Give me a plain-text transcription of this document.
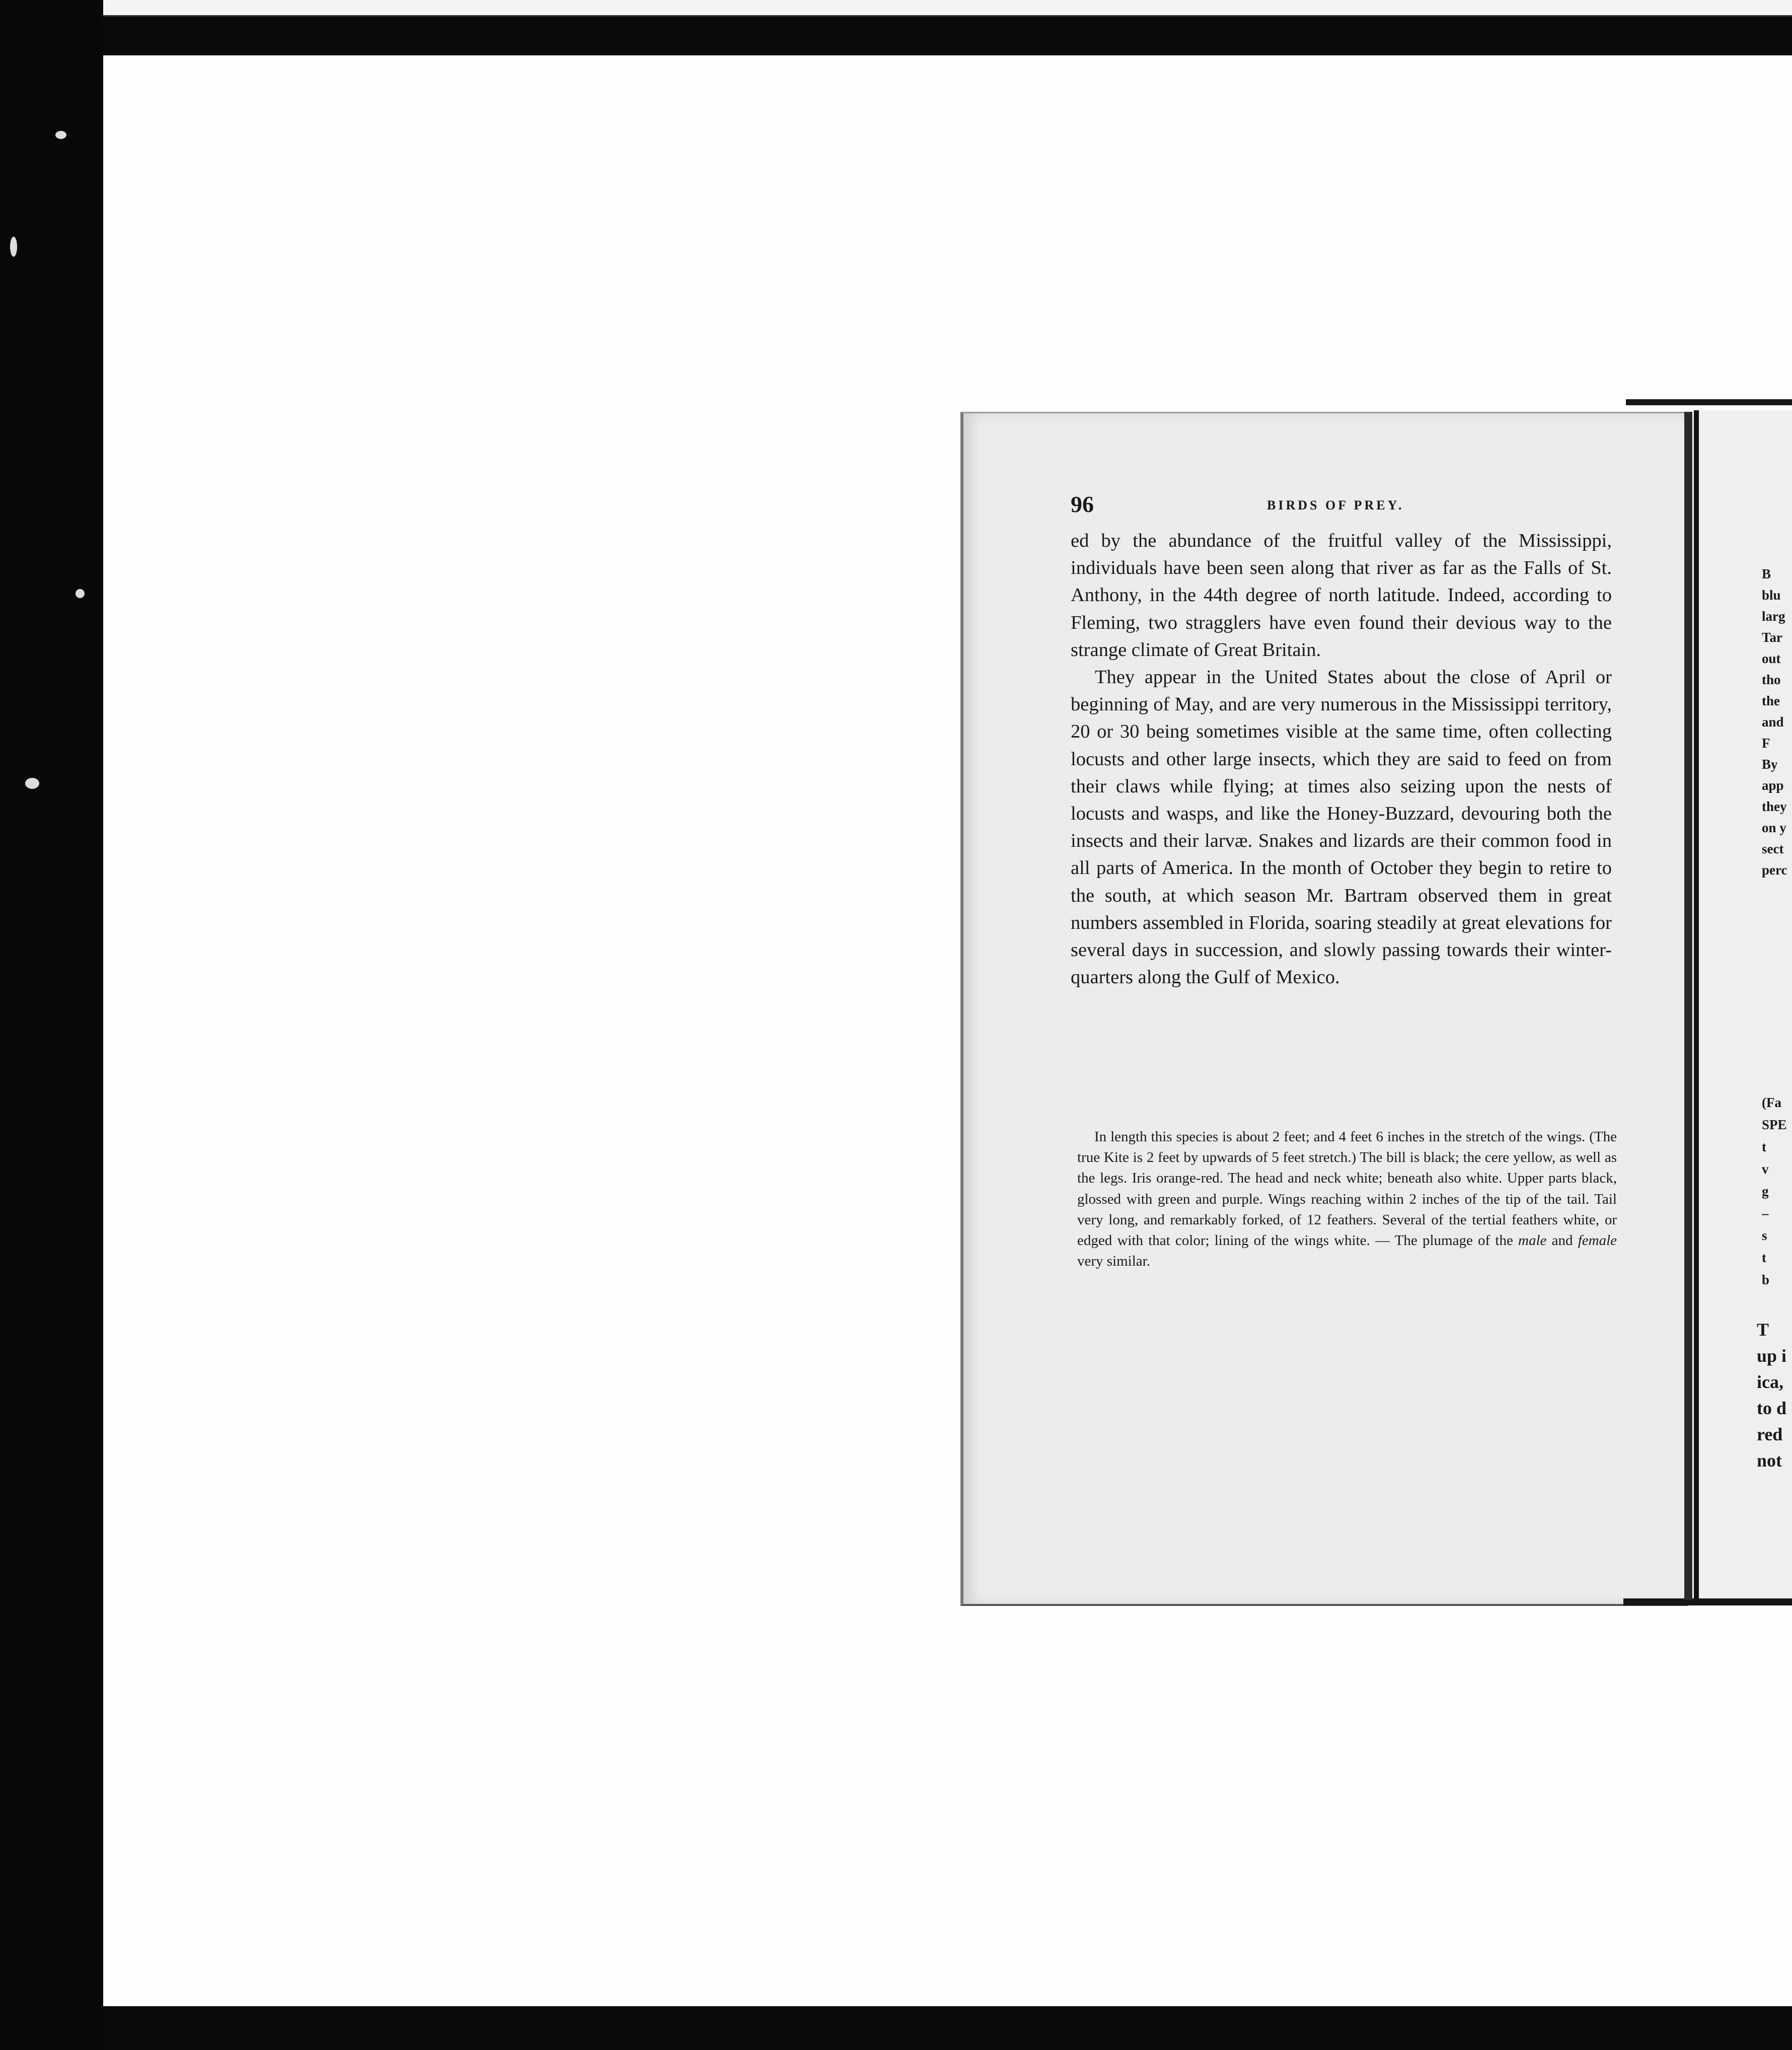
96	BIRDS OF PREY.

ed by the abundance of the fruitful valley of the Mississippi, individuals have been seen along that river as far as the Falls of St. Anthony, in the 44th degree of north latitude. Indeed, according to Fleming, two stragglers have even found their devious way to the strange climate of Great Britain.

They appear in the United States about the close of April or beginning of May, and are very numerous in the Mississippi territory, 20 or 30 being sometimes visible at the same time, often collecting locusts and other large insects, which they are said to feed on from their claws while flying; at times also seizing upon the nests of locusts and wasps, and like the Honey-Buzzard, devouring both the insects and their larvæ. Snakes and lizards are their common food in all parts of America. In the month of October they begin to retire to the south, at which season Mr. Bartram observed them in great numbers assembled in Florida, soaring steadily at great elevations for several days in succession, and slowly passing towards their winter-quarters along the Gulf of Mexico.

In length this species is about 2 feet; and 4 feet 6 inches in the stretch of the wings. (The true Kite is 2 feet by upwards of 5 feet stretch.) The bill is black; the cere yellow, as well as the legs. Iris orange-red. The head and neck white; beneath also white. Upper parts black, glossed with green and purple. Wings reaching within 2 inches of the tip of the tail. Tail very long, and remarkably forked, of 12 feathers. Several of the tertial feathers white, or edged with that color; lining of the wings white. — The plumage of the male and female very similar.

B
blu
larg
Tar
out
tho
the
and
F
By
app
they
on y
sect
perc
(Fa
SPE
t
v
g
–
s
t
b
T
up i
ica,
to d
red
not
